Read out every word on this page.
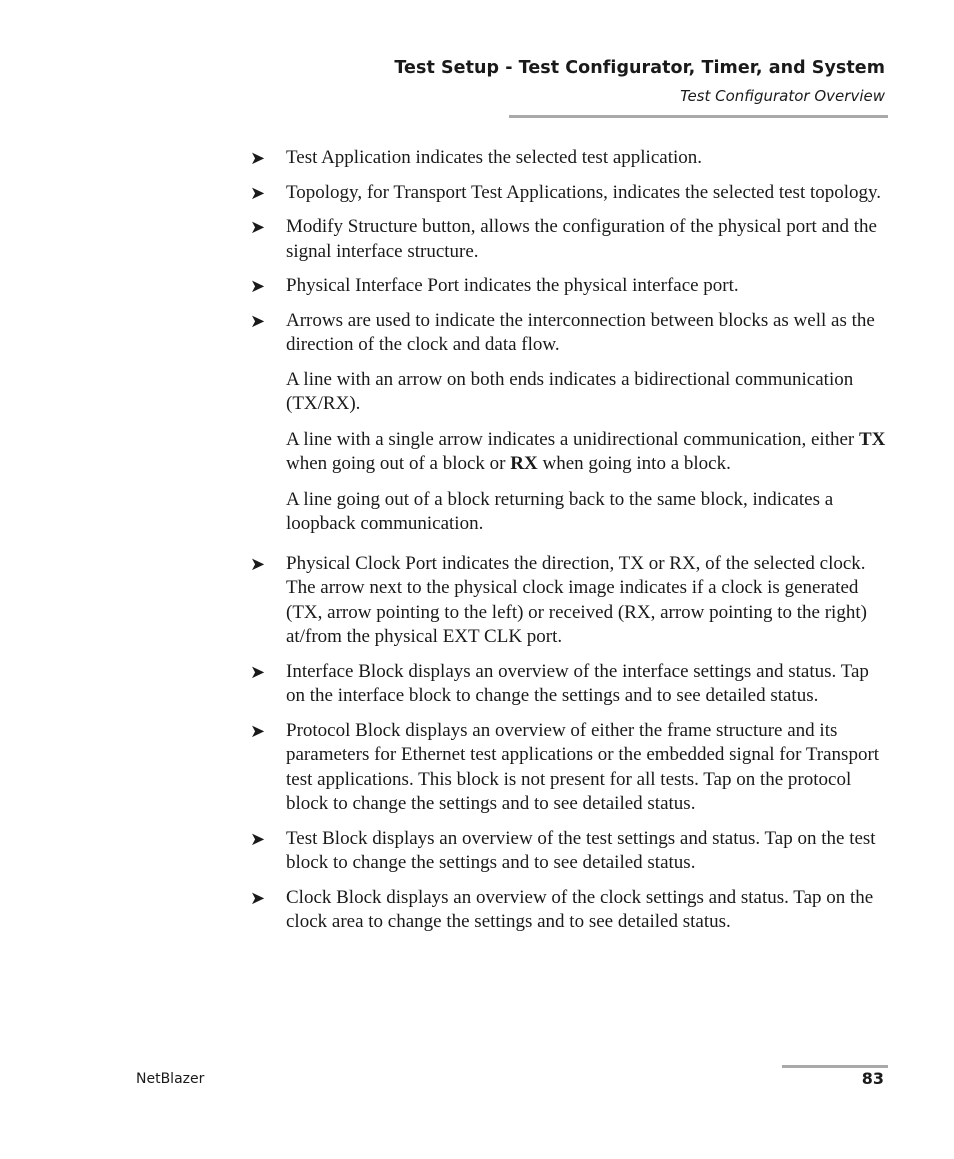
Test Setup - Test Configurator, Timer, and System
Test Configurator Overview
➤ Test Application indicates the selected test application.

➤ Topology, for Transport Test Applications, indicates the selected test topology.

➤ Modify Structure button, allows the configuration of the physical port and the signal interface structure.

➤ Physical Interface Port indicates the physical interface port.

➤ Arrows are used to indicate the interconnection between blocks as well as the direction of the clock and data flow.

A line with an arrow on both ends indicates a bidirectional communication (TX/RX).

A line with a single arrow indicates a unidirectional communication, either TX when going out of a block or RX when going into a block.

A line going out of a block returning back to the same block, indicates a loopback communication.

➤ Physical Clock Port indicates the direction, TX or RX, of the selected clock. The arrow next to the physical clock image indicates if a clock is generated (TX, arrow pointing to the left) or received (RX, arrow pointing to the right) at/from the physical EXT CLK port.

➤ Interface Block displays an overview of the interface settings and status. Tap on the interface block to change the settings and to see detailed status.

➤ Protocol Block displays an overview of either the frame structure and its parameters for Ethernet test applications or the embedded signal for Transport test applications. This block is not present for all tests. Tap on the protocol block to change the settings and to see detailed status.

➤ Test Block displays an overview of the test settings and status. Tap on the test block to change the settings and to see detailed status.

➤ Clock Block displays an overview of the clock settings and status. Tap on the clock area to change the settings and to see detailed status.

NetBlazer	83
